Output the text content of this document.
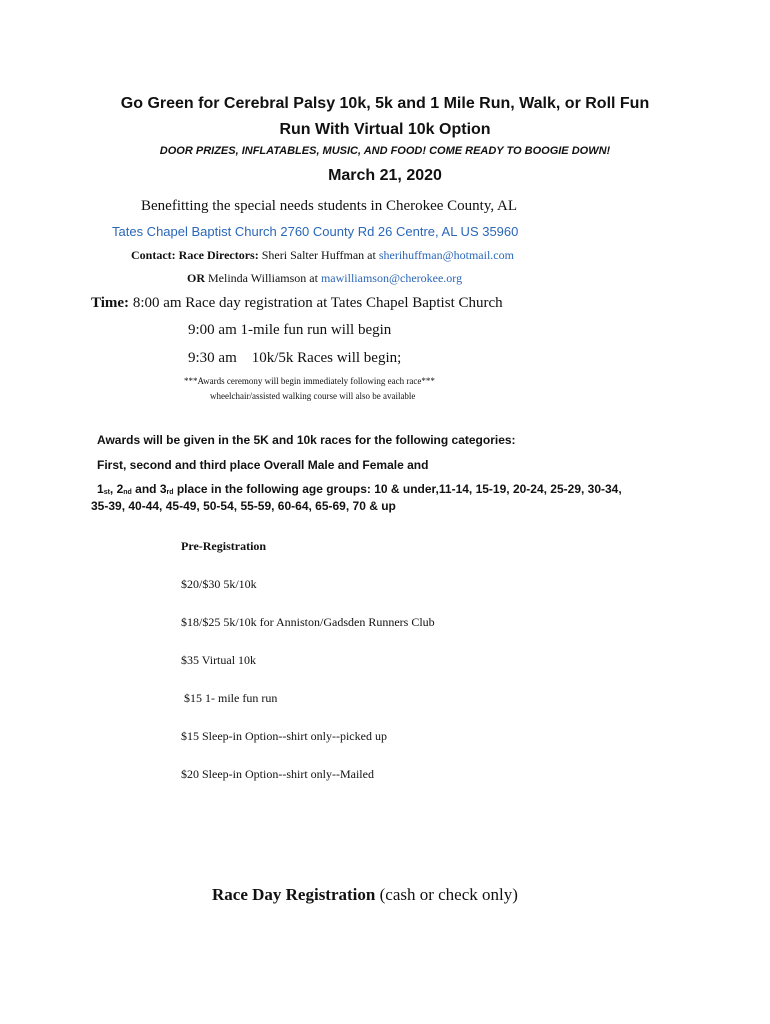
Go Green for Cerebral Palsy 10k, 5k and 1 Mile Run, Walk, or Roll Fun
Run With Virtual 10k Option
DOOR PRIZES, INFLATABLES, MUSIC, AND FOOD! COME READY TO BOOGIE DOWN!
March 21, 2020
Benefitting the special needs students in Cherokee County, AL
Tates Chapel Baptist Church 2760 County Rd 26 Centre, AL US 35960
Contact: Race Directors: Sheri Salter Huffman at sherihuffman@hotmail.com
OR Melinda Williamson at mawilliamson@cherokee.org
Time: 8:00 am Race day registration at Tates Chapel Baptist Church
9:00 am 1-mile fun run will begin
9:30 am    10k/5k Races will begin;
***Awards ceremony will begin immediately following each race***
wheelchair/assisted walking course will also be available
Awards will be given in the 5K and 10k races for the following categories:
First, second and third place Overall Male and Female and
1st, 2nd and 3rd place in the following age groups: 10 & under,11-14, 15-19, 20-24, 25-29, 30-34,
35-39, 40-44, 45-49, 50-54, 55-59, 60-64, 65-69, 70 & up
Pre-Registration
$20/$30 5k/10k
$18/$25 5k/10k for Anniston/Gadsden Runners Club
$35 Virtual 10k
$15 1- mile fun run
$15 Sleep-in Option--shirt only--picked up
$20 Sleep-in Option--shirt only--Mailed
Race Day Registration (cash or check only)
